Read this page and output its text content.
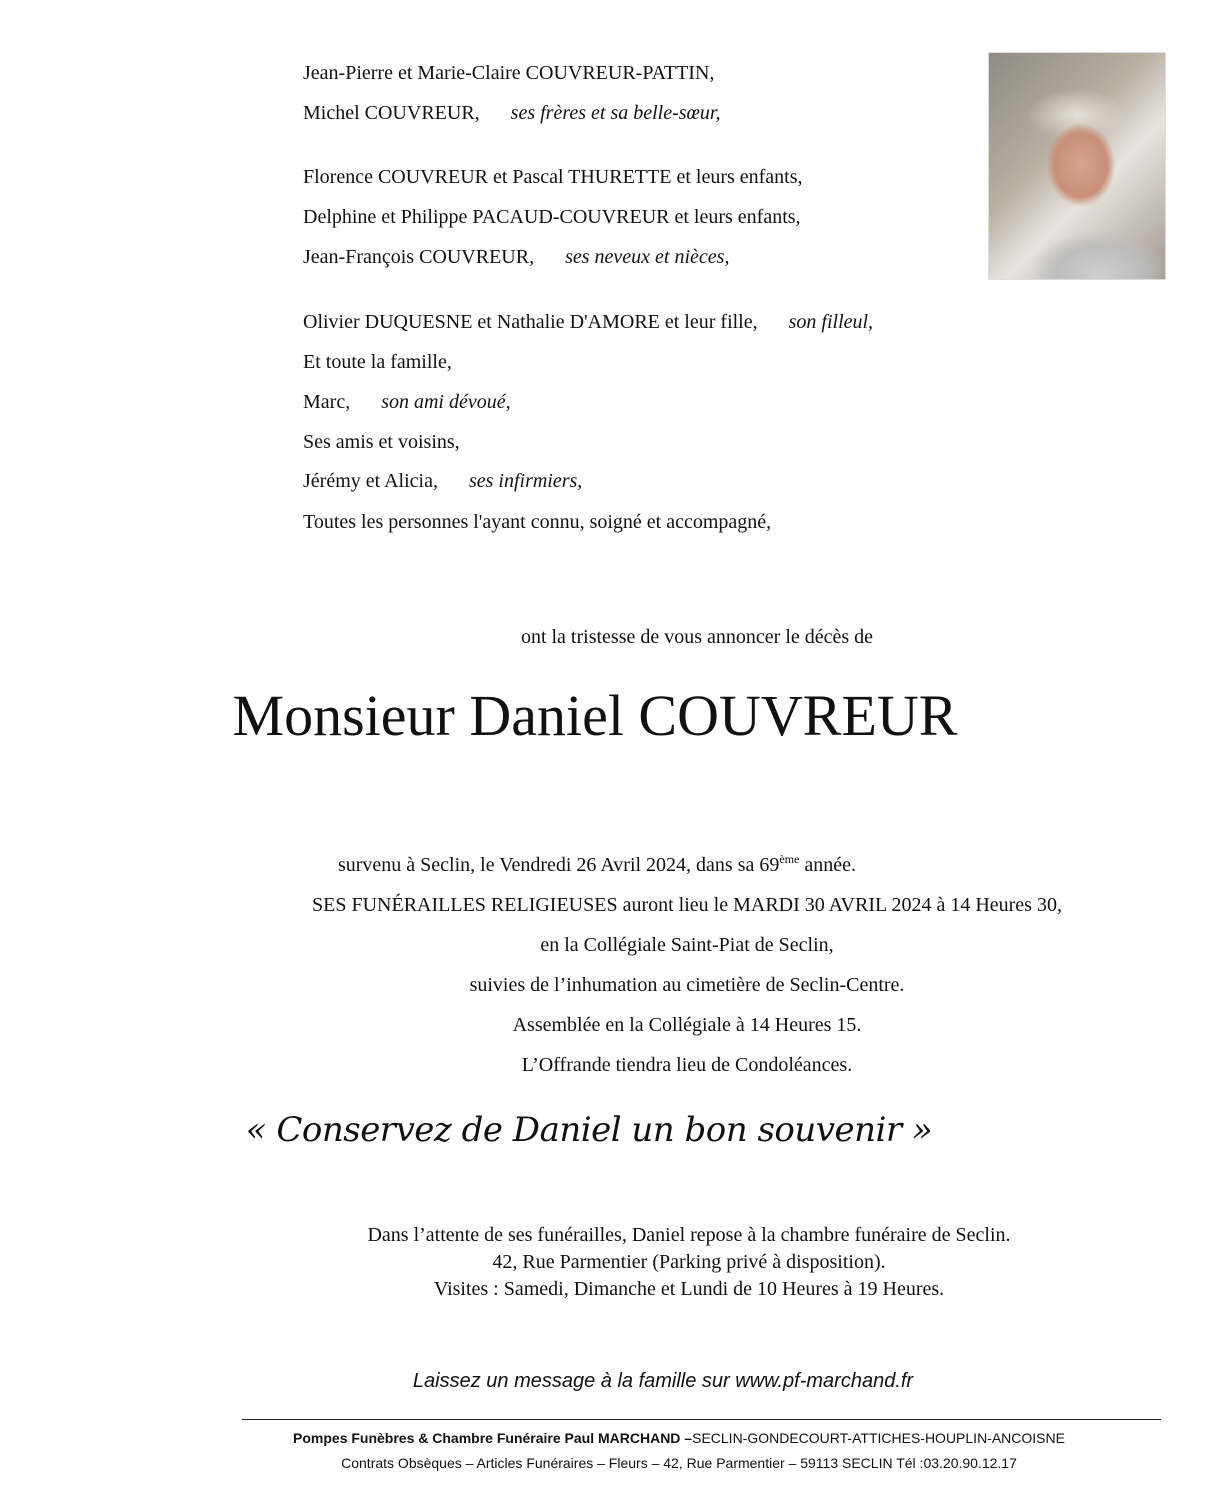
Jean-Pierre et Marie-Claire COUVREUR-PATTIN,
Michel COUVREUR, ses frères et sa belle-sœur,
Florence COUVREUR et Pascal THURETTE et leurs enfants,
Delphine et Philippe PACAUD-COUVREUR et leurs enfants,
Jean-François COUVREUR, ses neveux et nièces,
Olivier DUQUESNE et Nathalie D'AMORE et leur fille, son filleul,
Et toute la famille,
Marc, son ami dévoué,
Ses amis et voisins,
Jérémy et Alicia, ses infirmiers,
Toutes les personnes l'ayant connu, soigné et accompagné,
ont la tristesse de vous annoncer le décès de
Monsieur Daniel COUVREUR
survenu à Seclin, le Vendredi 26 Avril 2024, dans sa 69ème année.
SES FUNÉRAILLES RELIGIEUSES auront lieu le MARDI 30 AVRIL 2024 à 14 Heures 30,
en la Collégiale Saint-Piat de Seclin,
suivies de l’inhumation au cimetière de Seclin-Centre.
Assemblée en la Collégiale à 14 Heures 15.
L’Offrande tiendra lieu de Condoléances.
« Conservez de Daniel un bon souvenir »
Dans l’attente de ses funérailles, Daniel repose à la chambre funéraire de Seclin.
42, Rue Parmentier (Parking privé à disposition).
Visites : Samedi, Dimanche et Lundi de 10 Heures à 19 Heures.
Laissez un message à la famille sur www.pf-marchand.fr
Pompes Funèbres & Chambre Funéraire Paul MARCHAND –SECLIN-GONDECOURT-ATTICHES-HOUPLIN-ANCOISNE
Contrats Obsèques – Articles Funéraires – Fleurs – 42, Rue Parmentier – 59113 SECLIN Tél :03.20.90.12.17
